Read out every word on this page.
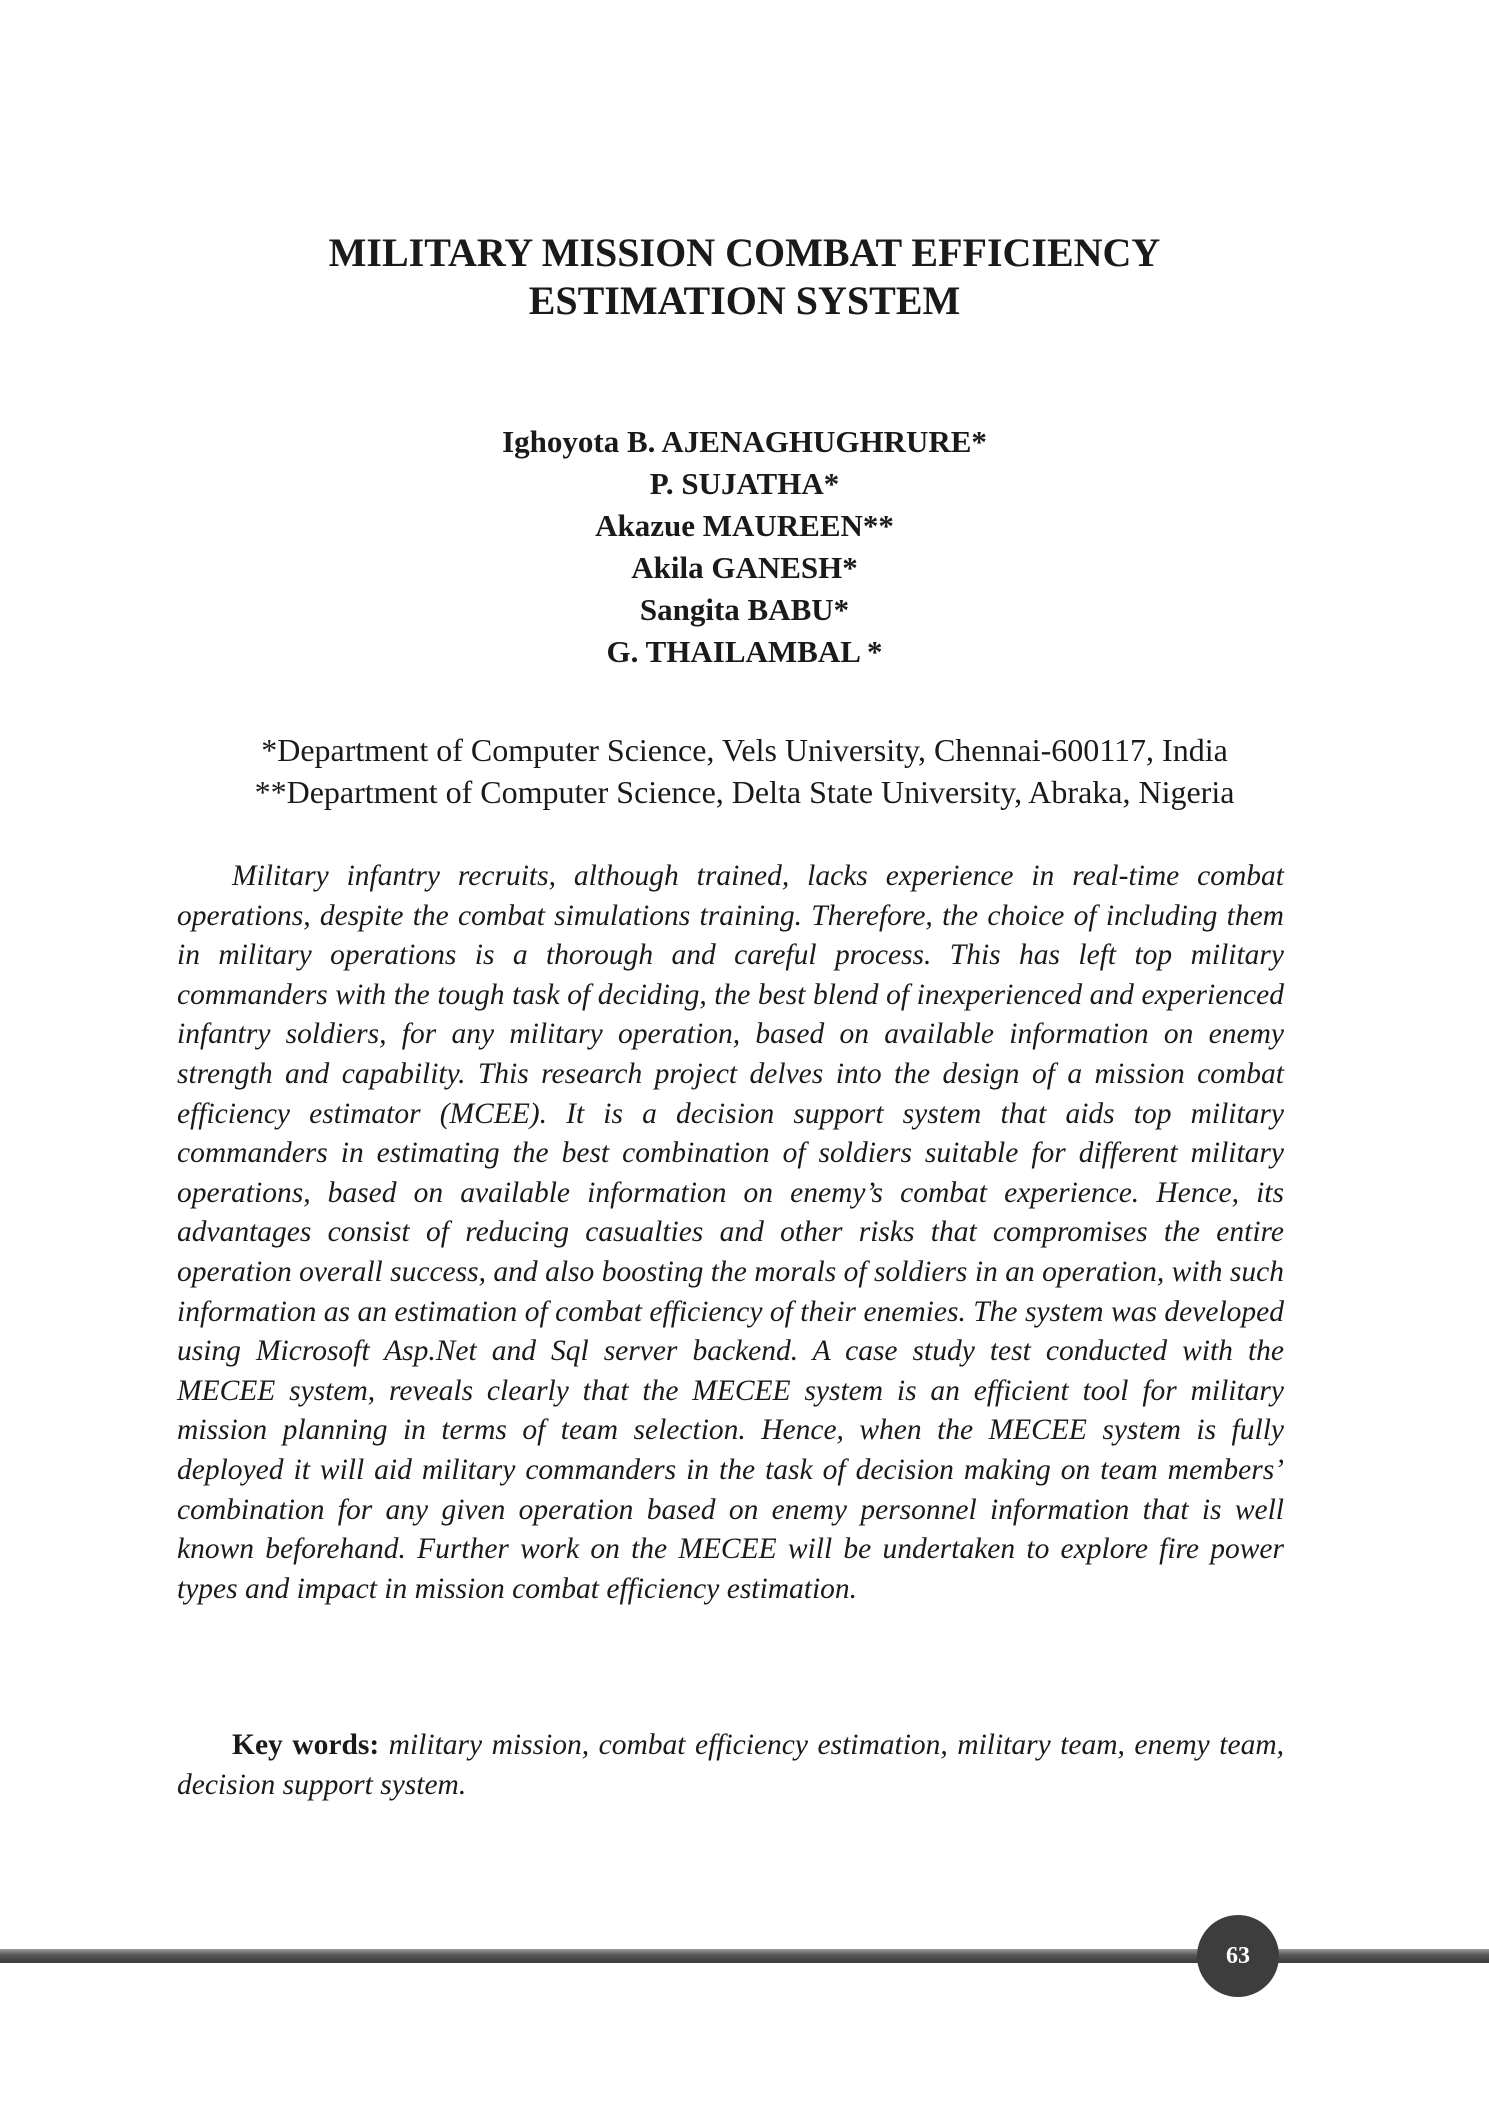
MILITARY MISSION COMBAT EFFICIENCY
ESTIMATION SYSTEM
Ighoyota B. AJENAGHUGHRURE*
P. SUJATHA*
Akazue MAUREEN**
Akila GANESH*
Sangita BABU*
G. THAILAMBAL *
*Department of Computer Science, Vels University, Chennai-600117, India
**Department of Computer Science, Delta State University, Abraka, Nigeria

Military infantry recruits, although trained, lacks experience in real-time combat operations, despite the combat simulations training. Therefore, the choice of including them in military operations is a thorough and careful process. This has left top military commanders with the tough task of deciding, the best blend of inexperienced and experienced infantry soldiers, for any military operation, based on available information on enemy strength and capability. This research project delves into the design of a mission combat efficiency estimator (MCEE). It is a decision support system that aids top military commanders in estimating the best combination of soldiers suitable for different military operations, based on available information on enemy’s combat experience. Hence, its advantages consist of reducing casualties and other risks that compromises the entire operation overall success, and also boosting the morals of soldiers in an operation, with such information as an estimation of combat efficiency of their enemies. The system was developed using Microsoft Asp.Net and Sql server backend. A case study test conducted with the MECEE system, reveals clearly that the MECEE system is an efficient tool for military mission planning in terms of team selection. Hence, when the MECEE system is fully deployed it will aid military commanders in the task of decision making on team members’ combination for any given operation based on enemy personnel information that is well known beforehand. Further work on the MECEE will be undertaken to explore fire power types and impact in mission combat efficiency estimation.

Key words: military mission, combat efficiency estimation, military team, enemy team, decision support system.

63
